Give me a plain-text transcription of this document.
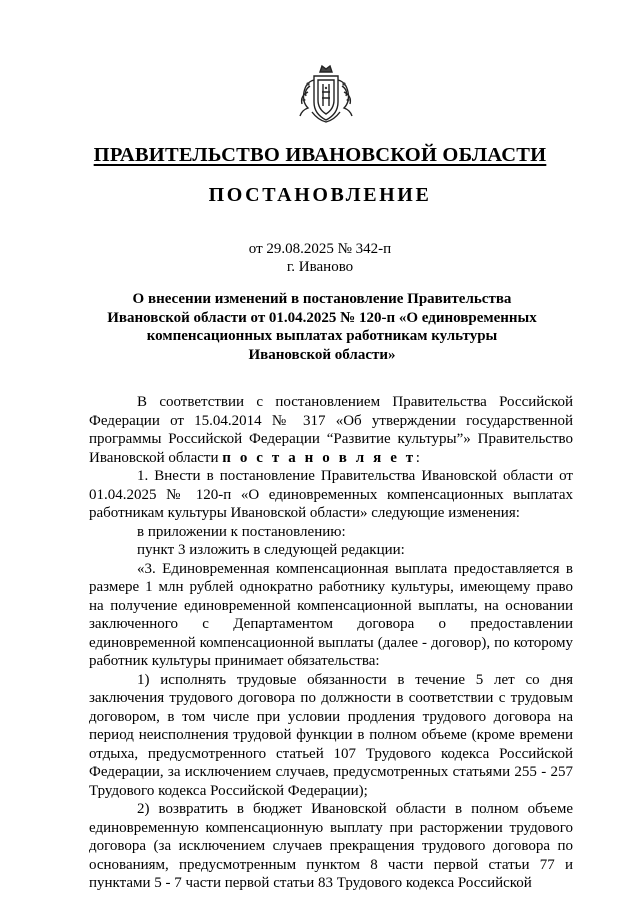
ПРАВИТЕЛЬСТВО ИВАНОВСКОЙ ОБЛАСТИ
ПОСТАНОВЛЕНИЕ
от 29.08.2025 № 342-п
г. Иваново
О внесении изменений в постановление Правительства
Ивановской области от 01.04.2025 № 120-п «О единовременных
компенсационных выплатах работникам культуры
Ивановской области»

В соответствии с постановлением Правительства Российской Федерации от 15.04.2014 № 317 «Об утверждении государственной программы Российской Федерации “Развитие культуры”» Правительство Ивановской области п о с т а н о в л я е т:

1. Внести в постановление Правительства Ивановской области от 01.04.2025 № 120-п «О единовременных компенсационных выплатах работникам культуры Ивановской области» следующие изменения:

в приложении к постановлению:

пункт 3 изложить в следующей редакции:

«3. Единовременная компенсационная выплата предоставляется в размере 1 млн рублей однократно работнику культуры, имеющему право на получение единовременной компенсационной выплаты, на основании заключенного с Департаментом договора о предоставлении единовременной компенсационной выплаты (далее - договор), по которому работник культуры принимает обязательства:

1) исполнять трудовые обязанности в течение 5 лет со дня заключения трудового договора по должности в соответствии с трудовым договором, в том числе при условии продления трудового договора на период неисполнения трудовой функции в полном объеме (кроме времени отдыха, предусмотренного статьей 107 Трудового кодекса Российской Федерации, за исключением случаев, предусмотренных статьями 255 - 257 Трудового кодекса Российской Федерации);

2) возвратить в бюджет Ивановской области в полном объеме единовременную компенсационную выплату при расторжении трудового договора (за исключением случаев прекращения трудового договора по основаниям, предусмотренным пунктом 8 части первой статьи 77 и пунктами 5 - 7 части первой статьи 83 Трудового кодекса Российской
